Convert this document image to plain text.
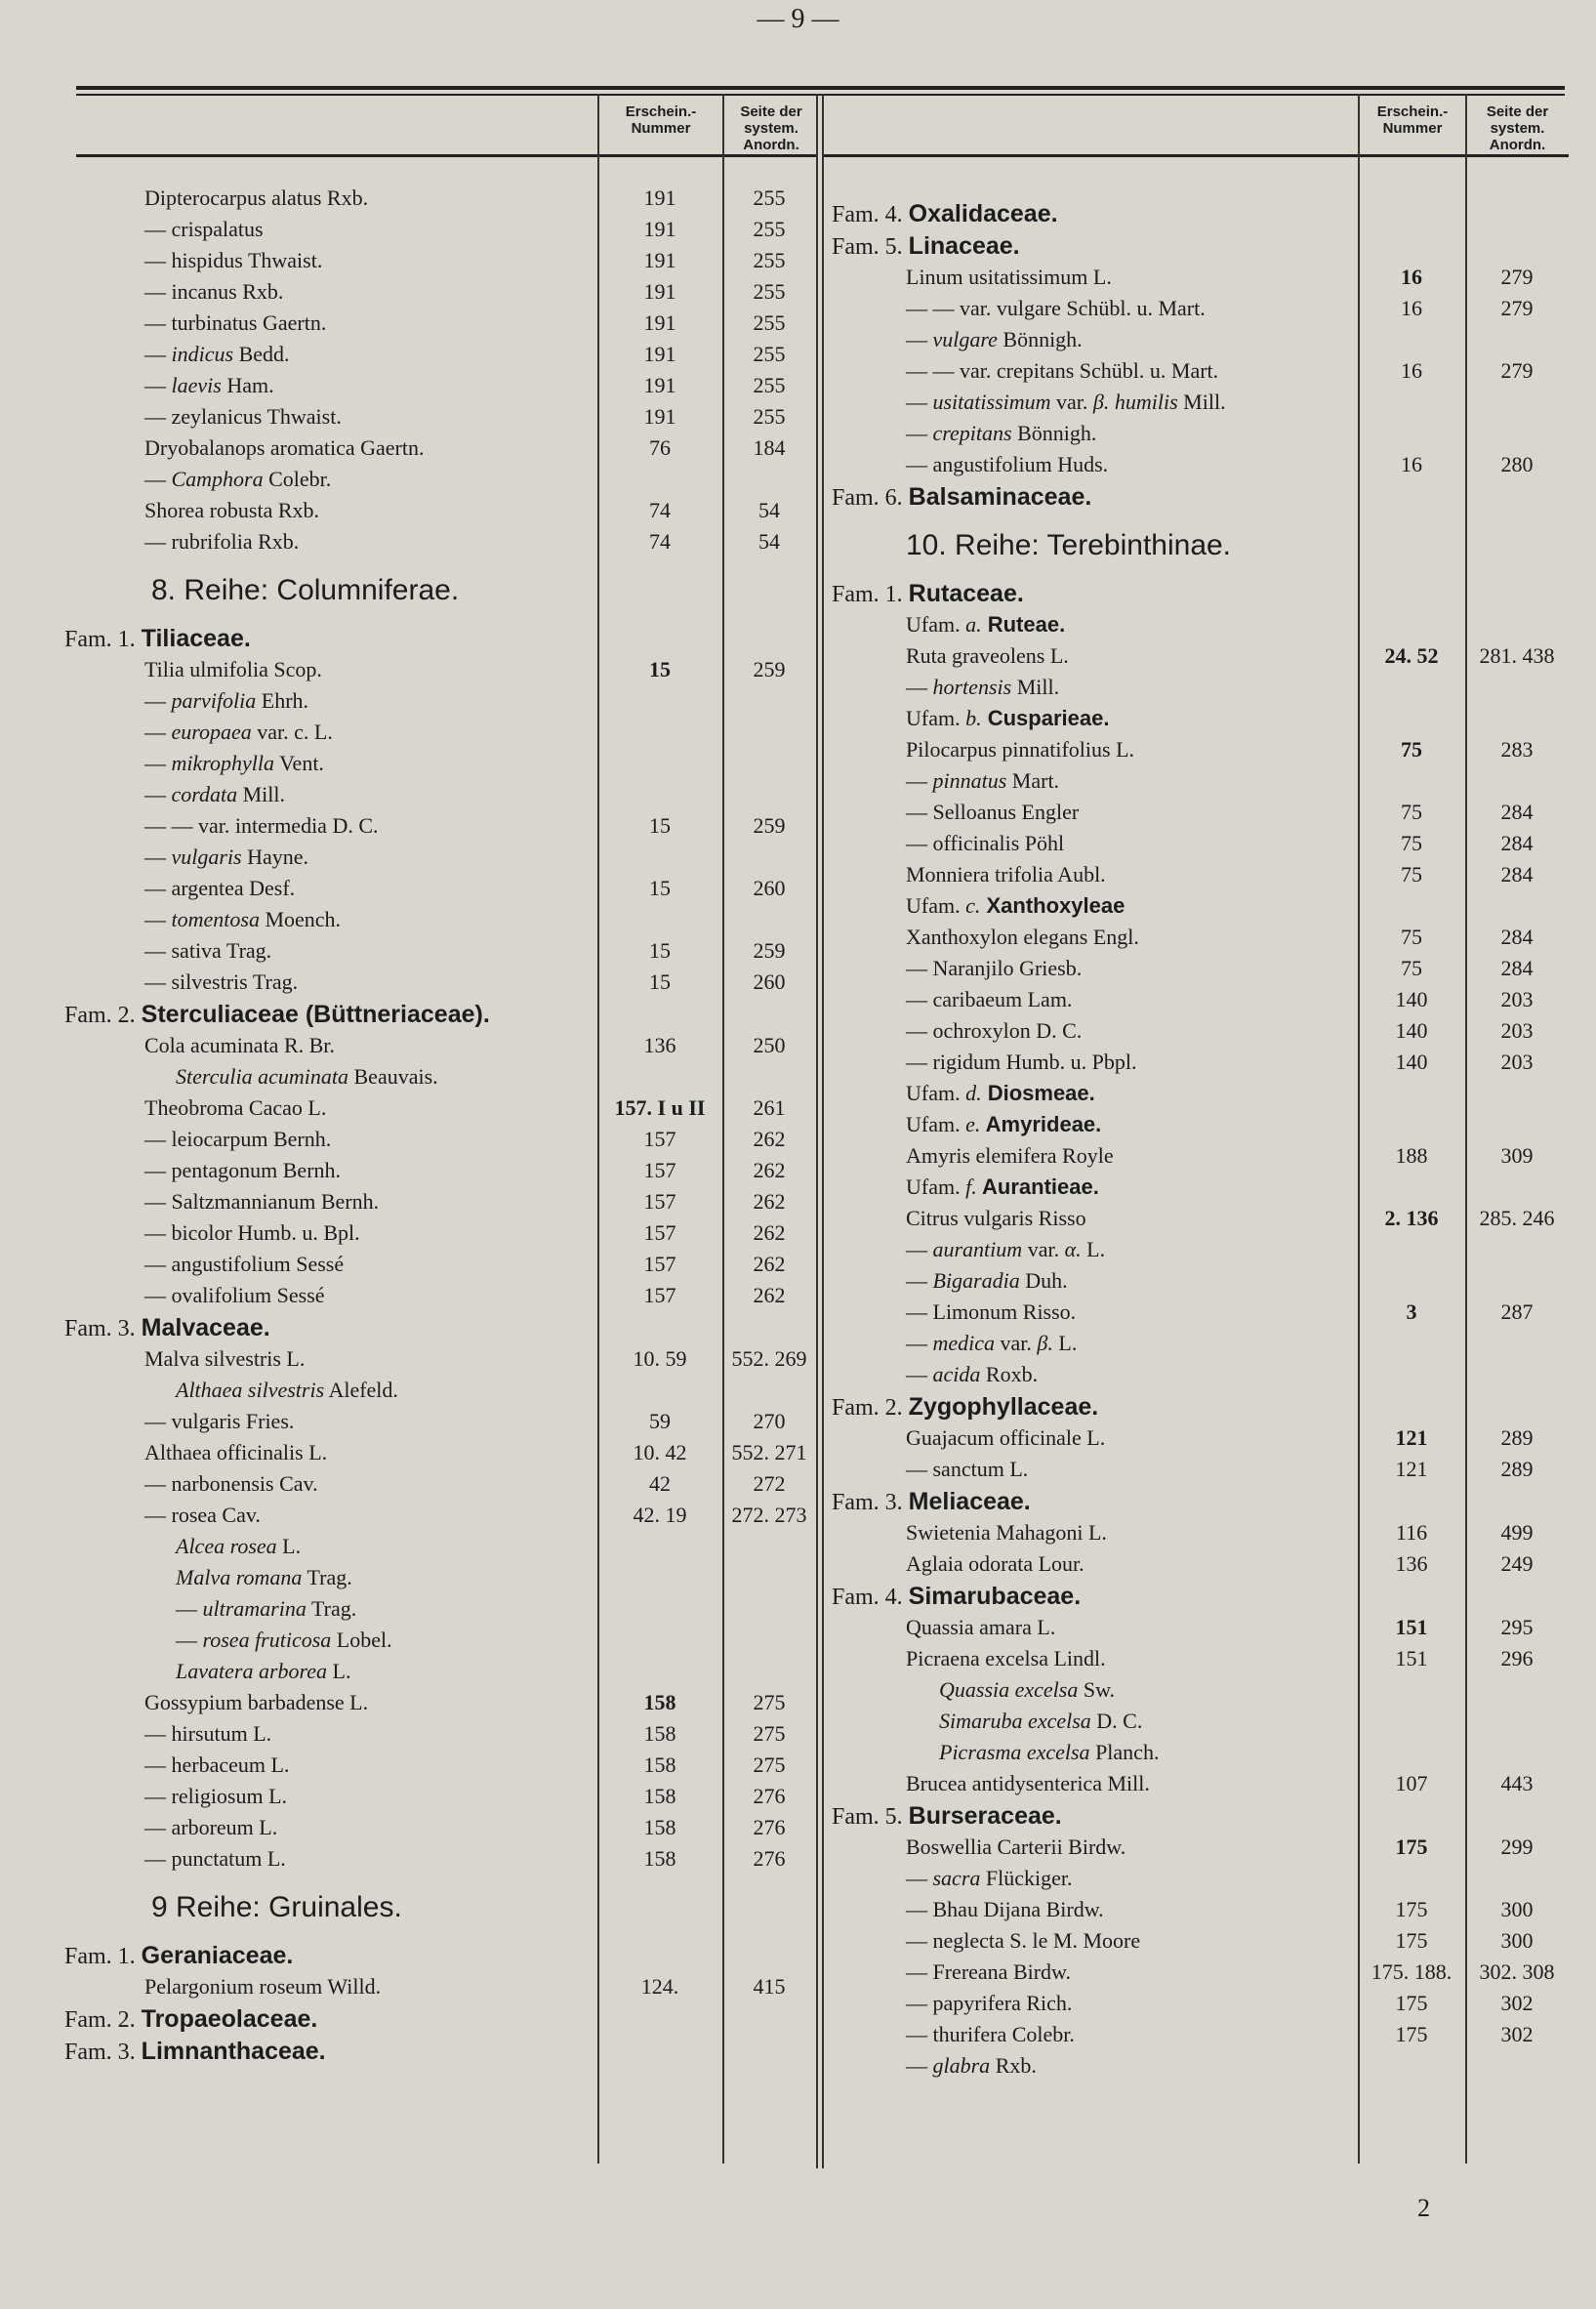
— 9 —
Erschein.-
Nummer
Seite der
system.
Anordn.
Erschein.-
Nummer
Seite der
system.
Anordn.
Dipterocarpus alatus Rxb.	191	255
— crispalatus	191	255
— hispidus Thwaist.	191	255
— incanus Rxb.	191	255
— turbinatus Gaertn.	191	255
— indicus Bedd.	191	255
— laevis Ham.	191	255
— zeylanicus Thwaist.	191	255
Dryobalanops aromatica Gaertn.	76	184
— Camphora Colebr.
Shorea robusta Rxb.	74	54
— rubrifolia Rxb.	74	54
8. Reihe: Columniferae.
Fam. 1. Tiliaceae.
Tilia ulmifolia Scop.	15	259
— parvifolia Ehrh.
— europaea var. c. L.
— mikrophylla Vent.
— cordata Mill.
— — var. intermedia D. C.	15	259
— vulgaris Hayne.
— argentea Desf.	15	260
— tomentosa Moench.
— sativa Trag.	15	259
— silvestris Trag.	15	260
Fam. 2. Sterculiaceae (Büttneriaceae).
Cola acuminata R. Br.	136	250
Sterculia acuminata Beauvais.
Theobroma Cacao L.	157. I u II	261
— leiocarpum Bernh.	157	262
— pentagonum Bernh.	157	262
— Saltzmannianum Bernh.	157	262
— bicolor Humb. u. Bpl.	157	262
— angustifolium Sessé	157	262
— ovalifolium Sessé	157	262
Fam. 3. Malvaceae.
Malva silvestris L.	10. 59	552. 269
Althaea silvestris Alefeld.
— vulgaris Fries.	59	270
Althaea officinalis L.	10. 42	552. 271
— narbonensis Cav.	42	272
— rosea Cav.	42. 19	272. 273
Alcea rosea L.
Malva romana Trag.
— ultramarina Trag.
— rosea fruticosa Lobel.
Lavatera arborea L.
Gossypium barbadense L.	158	275
— hirsutum L.	158	275
— herbaceum L.	158	275
— religiosum L.	158	276
— arboreum L.	158	276
— punctatum L.	158	276
9 Reihe: Gruinales.
Fam. 1. Geraniaceae.
Pelargonium roseum Willd.	124.	415
Fam. 2. Tropaeolaceae.
Fam. 3. Limnanthaceae.
Fam. 4. Oxalidaceae.
Fam. 5. Linaceae.
Linum usitatissimum L.	16	279
— — var. vulgare Schübl. u. Mart.	16	279
— vulgare Bönnigh.
— — var. crepitans Schübl. u. Mart.	16	279
— usitatissimum var. β. humilis Mill.
— crepitans Bönnigh.
— angustifolium Huds.	16	280
Fam. 6. Balsaminaceae.
10. Reihe: Terebinthinae.
Fam. 1. Rutaceae.
Ufam. a. Ruteae.
Ruta graveolens L.	24. 52	281. 438
— hortensis Mill.
Ufam. b. Cusparieae.
Pilocarpus pinnatifolius L.	75	283
— pinnatus Mart.
— Selloanus Engler	75	284
— officinalis Pöhl	75	284
Monniera trifolia Aubl.	75	284
Ufam. c. Xanthoxyleae
Xanthoxylon elegans Engl.	75	284
— Naranjilo Griesb.	75	284
— caribaeum Lam.	140	203
— ochroxylon D. C.	140	203
— rigidum Humb. u. Pbpl.	140	203
Ufam. d. Diosmeae.
Ufam. e. Amyrideae.
Amyris elemifera Royle	188	309
Ufam. f. Aurantieae.
Citrus vulgaris Risso	2. 136	285. 246
— aurantium var. α. L.
— Bigaradia Duh.
— Limonum Risso.	3	287
— medica var. β. L.
— acida Roxb.
Fam. 2. Zygophyllaceae.
Guajacum officinale L.	121	289
— sanctum L.	121	289
Fam. 3. Meliaceae.
Swietenia Mahagoni L.	116	499
Aglaia odorata Lour.	136	249
Fam. 4. Simarubaceae.
Quassia amara L.	151	295
Picraena excelsa Lindl.	151	296
Quassia excelsa Sw.
Simaruba excelsa D. C.
Picrasma excelsa Planch.
Brucea antidysenterica Mill.	107	443
Fam. 5. Burseraceae.
Boswellia Carterii Birdw.	175	299
— sacra Flückiger.
— Bhau Dijana Birdw.	175	300
— neglecta S. le M. Moore	175	300
— Frereana Birdw.	175. 188.	302. 308
— papyrifera Rich.	175	302
— thurifera Colebr.	175	302
— glabra Rxb.
2
